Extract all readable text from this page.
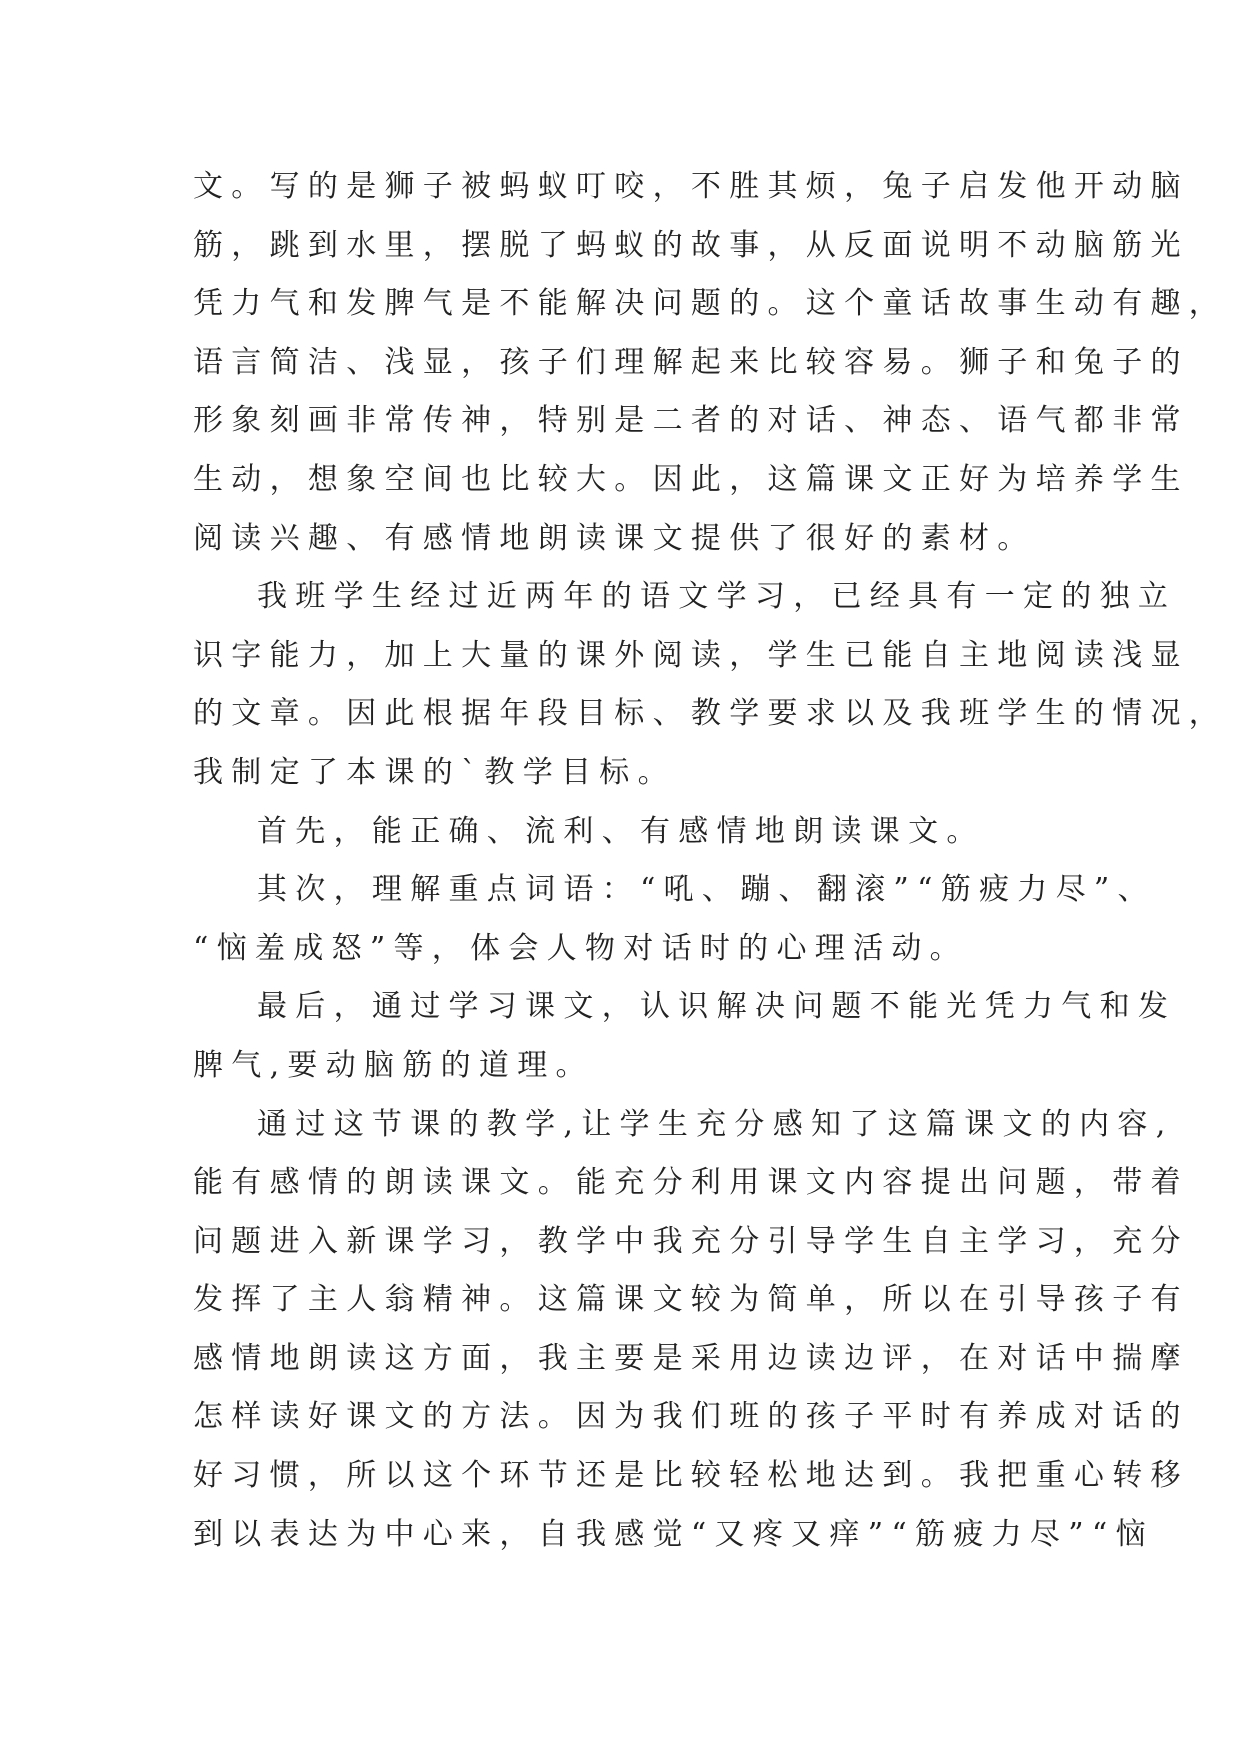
文。写的是狮子被蚂蚁叮咬，不胜其烦，兔子启发他开动脑
筋，跳到水里，摆脱了蚂蚁的故事，从反面说明不动脑筋光
凭力气和发脾气是不能解决问题的。这个童话故事生动有趣，
语言简洁、浅显，孩子们理解起来比较容易。狮子和兔子的
形象刻画非常传神，特别是二者的对话、神态、语气都非常
生动，想象空间也比较大。因此，这篇课文正好为培养学生
阅读兴趣、有感情地朗读课文提供了很好的素材。
我班学生经过近两年的语文学习，已经具有一定的独立
识字能力，加上大量的课外阅读，学生已能自主地阅读浅显
的文章。因此根据年段目标、教学要求以及我班学生的情况，
我制定了本课的`教学目标。
首先，能正确、流利、有感情地朗读课文。
其次，理解重点词语：“吼、蹦、翻滚”“筋疲力尽”、
“恼羞成怒”等，体会人物对话时的心理活动。
最后，通过学习课文，认识解决问题不能光凭力气和发
脾气,要动脑筋的道理。
通过这节课的教学,让学生充分感知了这篇课文的内容,
能有感情的朗读课文。能充分利用课文内容提出问题，带着
问题进入新课学习，教学中我充分引导学生自主学习，充分
发挥了主人翁精神。这篇课文较为简单，所以在引导孩子有
感情地朗读这方面，我主要是采用边读边评，在对话中揣摩
怎样读好课文的方法。因为我们班的孩子平时有养成对话的
好习惯，所以这个环节还是比较轻松地达到。我把重心转移
到以表达为中心来，自我感觉“又疼又痒”“筋疲力尽”“恼
